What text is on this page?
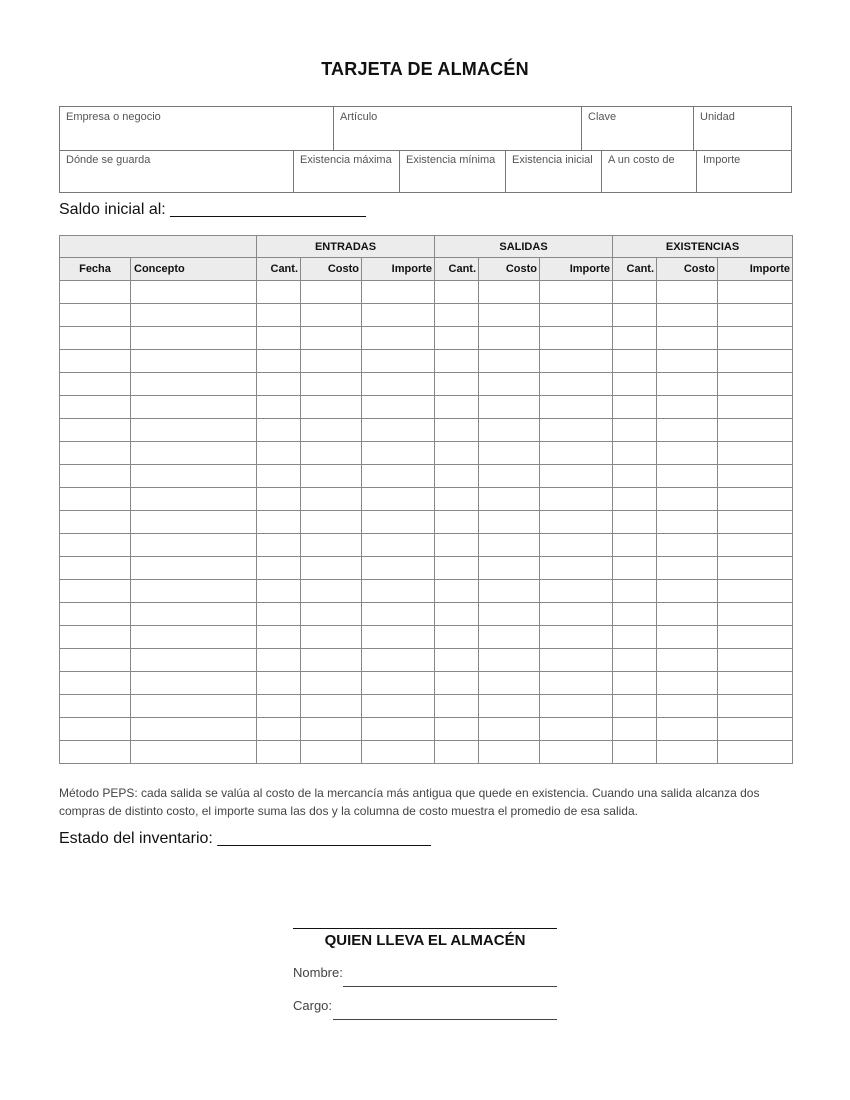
TARJETA DE ALMACÉN
Empresa o negocio	Artículo	Clave	Unidad
Dónde se guarda	Existencia máxima	Existencia mínima	Existencia inicial	A un costo de	Importe
Saldo inicial al: ______________________
		ENTRADAS			SALIDAS			EXISTENCIAS		
Fecha	Concepto	Cant.	Costo	Importe	Cant.	Costo	Importe	Cant.	Costo	Importe

Método PEPS: cada salida se valúa al costo de la mercancía más antigua que quede en existencia. Cuando una salida alcanza dos compras de distinto costo, el importe suma las dos y la columna de costo muestra el promedio de esa salida.
Estado del inventario: ________________________
QUIEN LLEVA EL ALMACÉN
Nombre:
Cargo:
